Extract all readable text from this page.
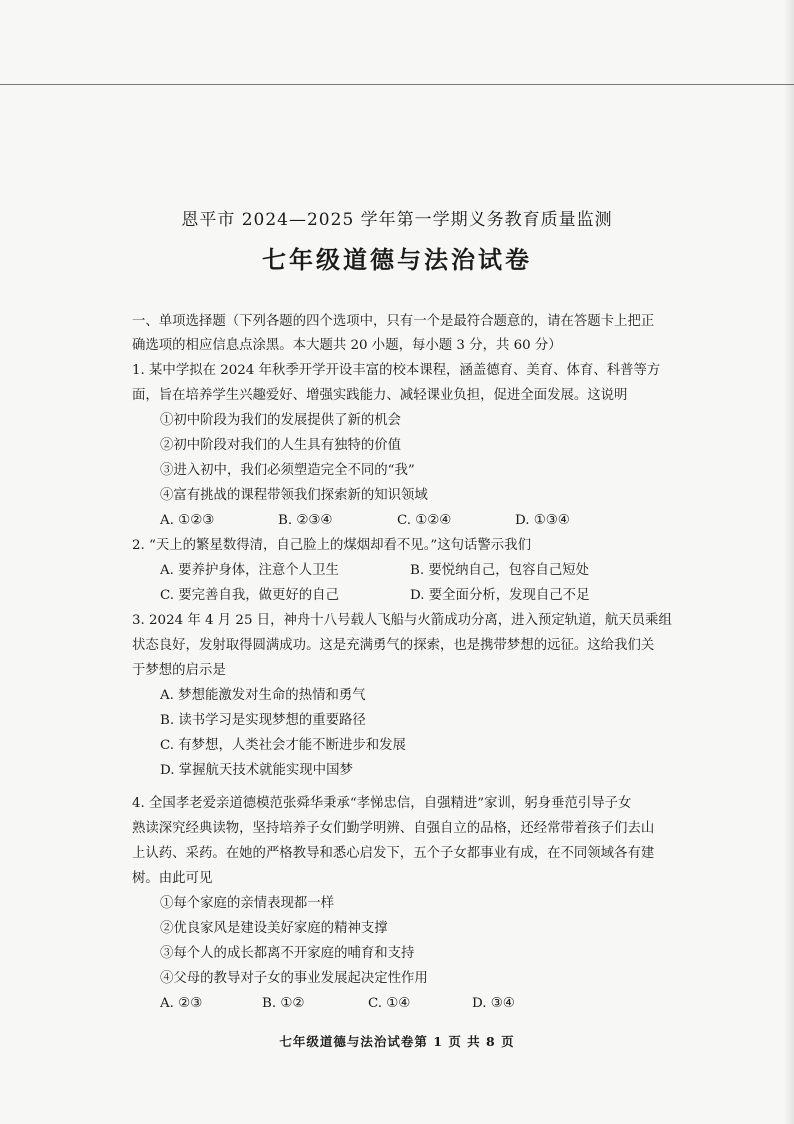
恩平市 2024—2025 学年第一学期义务教育质量监测
七年级道德与法治试卷
一、单项选择题（下列各题的四个选项中，只有一个是最符合题意的，请在答题卡上把正
确选项的相应信息点涂黑。本大题共 20 小题，每小题 3 分，共 60 分）
1. 某中学拟在 2024 年秋季开学开设丰富的校本课程，涵盖德育、美育、体育、科普等方
面，旨在培养学生兴趣爱好、增强实践能力、减轻课业负担，促进全面发展。这说明
①初中阶段为我们的发展提供了新的机会
②初中阶段对我们的人生具有独特的价值
③进入初中，我们必须塑造完全不同的“我”
④富有挑战的课程带领我们探索新的知识领域
A. ①②③	B. ②③④	C. ①②④	D. ①③④
2. “天上的繁星数得清，自己脸上的煤烟却看不见。”这句话警示我们
A. 要养护身体，注意个人卫生	B. 要悦纳自己，包容自己短处
C. 要完善自我，做更好的自己	D. 要全面分析，发现自己不足
3. 2024 年 4 月 25 日，神舟十八号载人飞船与火箭成功分离，进入预定轨道，航天员乘组
状态良好，发射取得圆满成功。这是充满勇气的探索，也是携带梦想的远征。这给我们关
于梦想的启示是
A. 梦想能激发对生命的热情和勇气
B. 读书学习是实现梦想的重要路径
C. 有梦想，人类社会才能不断进步和发展
D. 掌握航天技术就能实现中国梦
4. 全国孝老爱亲道德模范张舜华秉承“孝悌忠信，自强精进”家训，躬身垂范引导子女
熟读深究经典读物，坚持培养子女们勤学明辨、自强自立的品格，还经常带着孩子们去山
上认药、采药。在她的严格教导和悉心启发下，五个子女都事业有成，在不同领域各有建
树。由此可见
①每个家庭的亲情表现都一样
②优良家风是建设美好家庭的精神支撑
③每个人的成长都离不开家庭的哺育和支持
④父母的教导对子女的事业发展起决定性作用
A. ②③	B. ①②	C. ①④	D. ③④
七年级道德与法治试卷第 1 页 共 8 页
